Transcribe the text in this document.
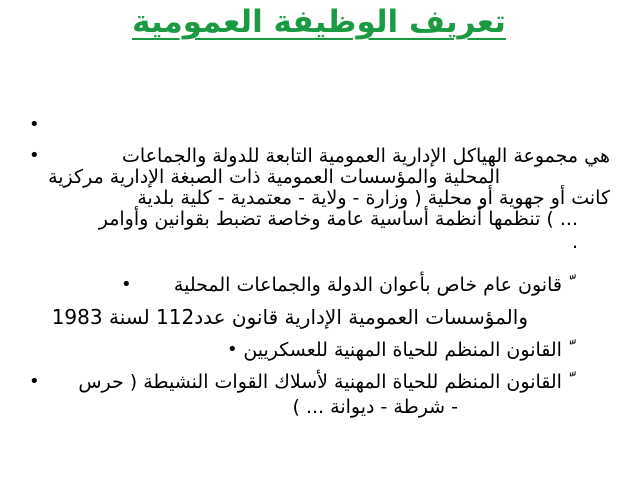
تعريف الوظيفة العمومية
•
•
•
•
•
هي مجموعة الهياكل الإدارية العمومية التابعة للدولة والجماعات
المحلية والمؤسسات العمومية ذات الصبغة الإدارية مركزية
كانت أو جهوية أو محلية ( وزارة - ولاية - معتمدية - كلية بلدية
... ) تنظمها أنظمة أساسية عامة وخاصة تضبط بقوانين وأوامر
.
ّ قانون عام خاص بأعوان الدولة والجماعات المحلية
والمؤسسات العمومية الإدارية قانون عدد112 لسنة 1983
ّ القانون المنظم للحياة المهنية للعسكريين
ّ القانون المنظم للحياة المهنية لأسلاك القوات النشيطة ( حرس
- شرطة - ديوانة ... )
